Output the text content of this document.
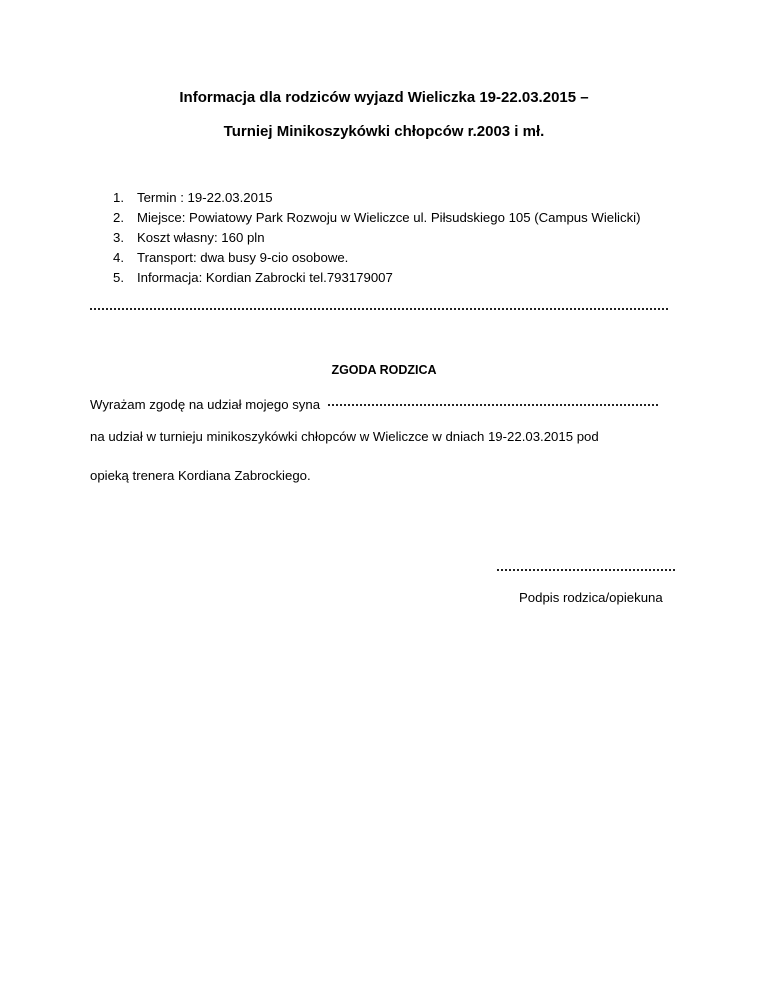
Informacja dla rodziców wyjazd Wieliczka 19-22.03.2015 –
Turniej Minikoszykówki chłopców r.2003 i mł.
1. Termin : 19-22.03.2015
2. Miejsce: Powiatowy Park Rozwoju w Wieliczce ul. Piłsudskiego 105 (Campus Wielicki)
3. Koszt własny: 160 pln
4. Transport: dwa busy 9-cio osobowe.
5. Informacja: Kordian Zabrocki tel.793179007
ZGODA RODZICA
Wyrażam zgodę na udział mojego syna
na udział w turnieju minikoszykówki chłopców w Wieliczce w dniach 19-22.03.2015 pod
opieką trenera Kordiana Zabrockiego.
Podpis rodzica/opiekuna
